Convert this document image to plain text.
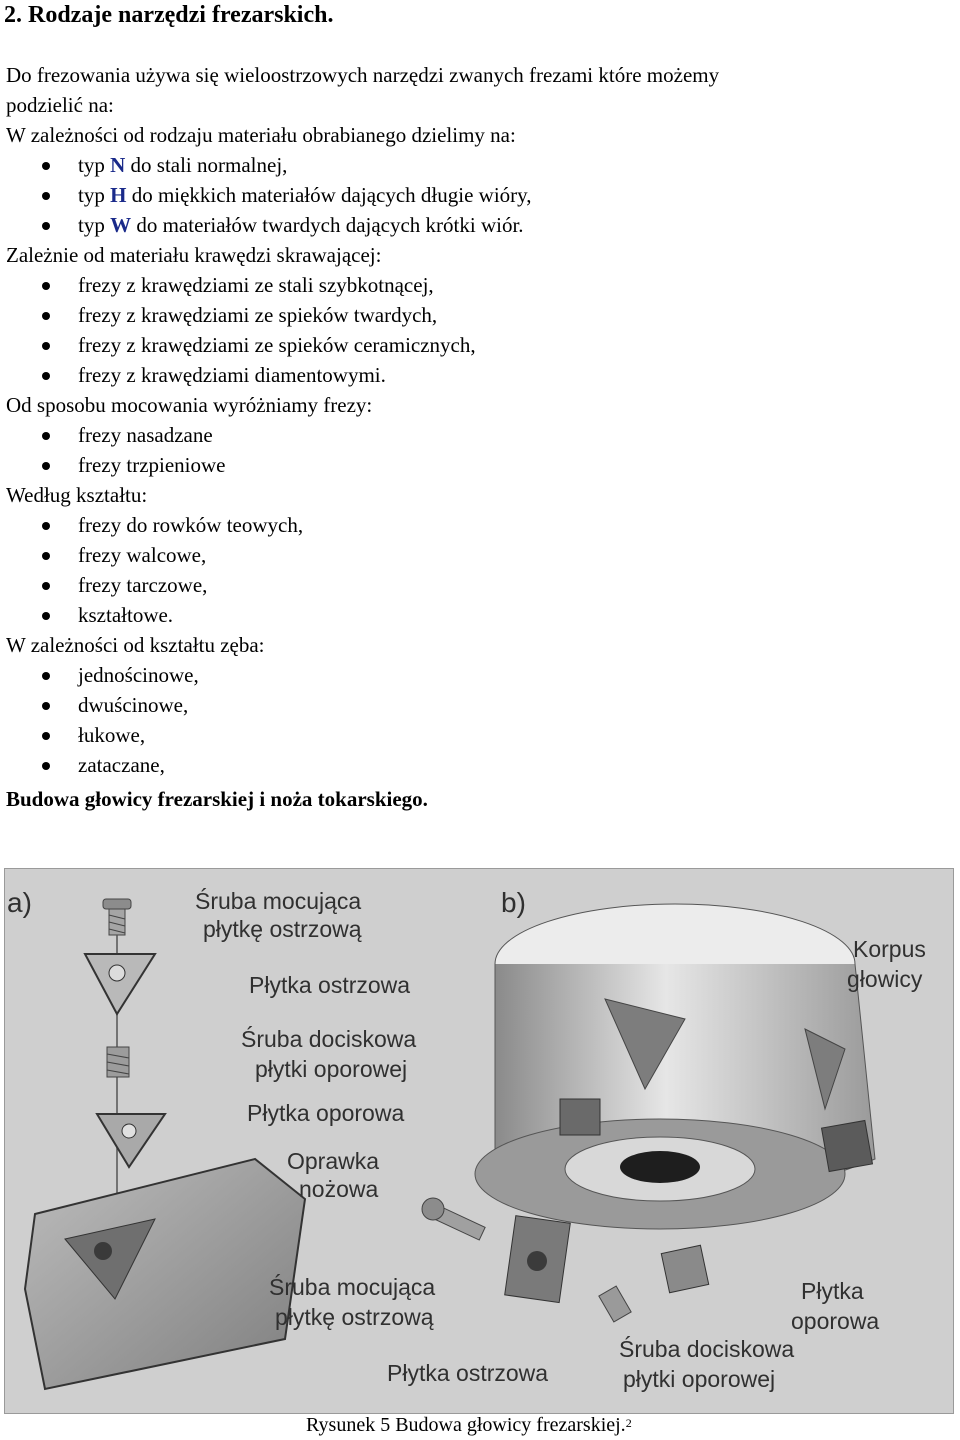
2. Rodzaje narzędzi frezarskich.
Do frezowania używa się wieloostrzowych narzędzi zwanych frezami które możemy
podzielić na:
W zależności od rodzaju materiału obrabianego dzielimy na:
typ N do stali normalnej,
typ H do miękkich materiałów dających długie wióry,
typ W do materiałów twardych dających krótki wiór.
Zależnie od materiału krawędzi skrawającej:
frezy z krawędziami ze stali szybkotnącej,
frezy z krawędziami ze spieków twardych,
frezy z krawędziami ze spieków ceramicznych,
frezy z krawędziami diamentowymi.
Od sposobu mocowania wyróżniamy frezy:
frezy nasadzane
frezy trzpieniowe
Według kształtu:
frezy do rowków teowych,
frezy walcowe,
frezy tarczowe,
kształtowe.
W zależności od kształtu zęba:
jednościnowe,
dwuścinowe,
łukowe,
zataczane,
Budowa głowicy frezarskiej i noża tokarskiego.
a)	b)
Śruba mocująca
płytkę ostrzową
Płytka ostrzowa
Śruba dociskowa
płytki oporowej
Płytka oporowa
Oprawka
nożowa
Korpus
głowicy
Śruba mocująca
płytkę ostrzową
Płytka
oporowa
Płytka ostrzowa
Śruba dociskowa
płytki oporowej
Rysunek 5 Budowa głowicy frezarskiej.$^2$
